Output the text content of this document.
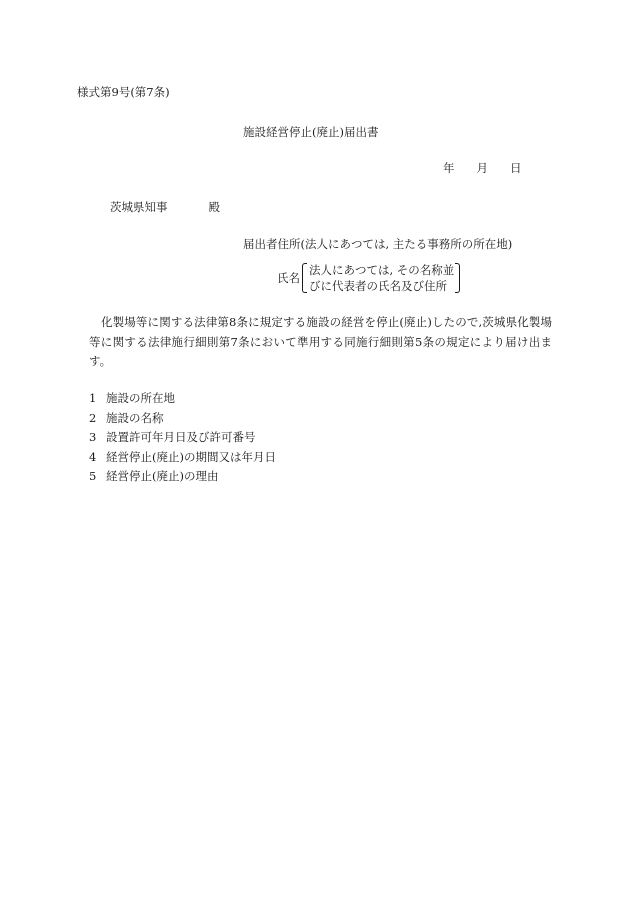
様式第9号(第7条)
施設経営停止(廃止)届出書
年 月 日
茨城県知事	殿
届出者住所(法人にあつては, 主たる事務所の所在地)
氏名
法人にあつては, その名称並
びに代表者の氏名及び住所
化製場等に関する法律第8条に規定する施設の経営を停止(廃止)したので,茨城県化製場等に関する法律施行細則第7条において準用する同施行細則第5条の規定により届け出ます。
1 施設の所在地
2 施設の名称
3 設置許可年月日及び許可番号
4 経営停止(廃止)の期間又は年月日
5 経営停止(廃止)の理由
